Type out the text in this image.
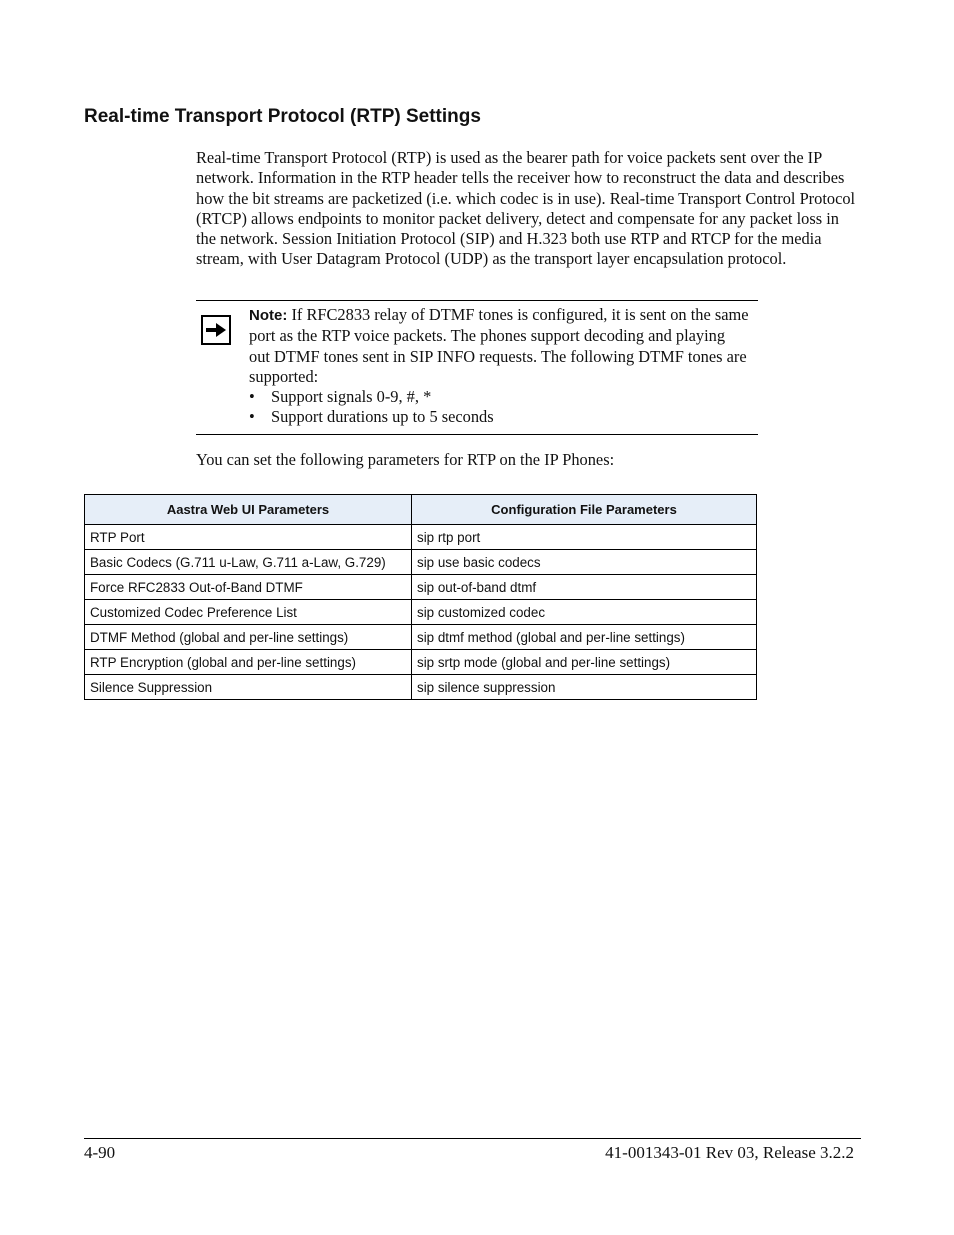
Real-time Transport Protocol (RTP) Settings

Real-time Transport Protocol (RTP) is used as the bearer path for voice packets sent over the IP network. Information in the RTP header tells the receiver how to reconstruct the data and describes how the bit streams are packetized (i.e. which codec is in use). Real-time Transport Control Protocol (RTCP) allows endpoints to monitor packet delivery, detect and compensate for any packet loss in the network. Session Initiation Protocol (SIP) and H.323 both use RTP and RTCP for the media stream, with User Datagram Protocol (UDP) as the transport layer encapsulation protocol.

Note: If RFC2833 relay of DTMF tones is configured, it is sent on the same port as the RTP voice packets. The phones support decoding and playing out DTMF tones sent in SIP INFO requests. The following DTMF tones are supported:
• Support signals 0-9, #, *
• Support durations up to 5 seconds

You can set the following parameters for RTP on the IP Phones:

Aastra Web UI Parameters	Configuration File Parameters
RTP Port	sip rtp port
Basic Codecs (G.711 u-Law, G.711 a-Law, G.729)	sip use basic codecs
Force RFC2833 Out-of-Band DTMF	sip out-of-band dtmf
Customized Codec Preference List	sip customized codec
DTMF Method (global and per-line settings)	sip dtmf method (global and per-line settings)
RTP Encryption (global and per-line settings)	sip srtp mode (global and per-line settings)
Silence Suppression	sip silence suppression
4-90	41-001343-01 Rev 03, Release 3.2.2
